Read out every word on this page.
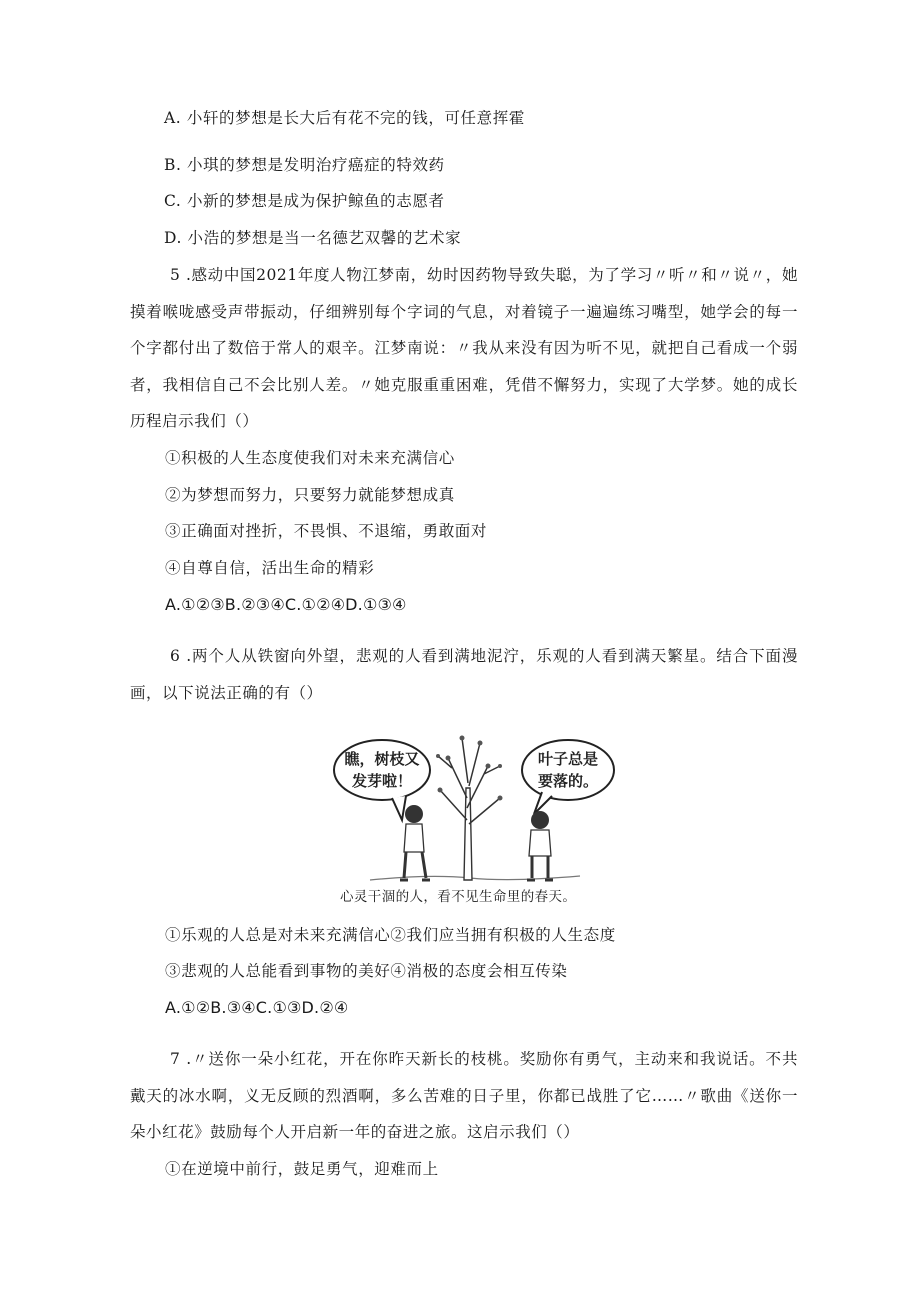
A. 小轩的梦想是长大后有花不完的钱，可任意挥霍
B. 小琪的梦想是发明治疗癌症的特效药
C. 小新的梦想是成为保护鲸鱼的志愿者
D. 小浩的梦想是当一名德艺双馨的艺术家
5 .感动中国2021年度人物江梦南，幼时因药物导致失聪，为了学习〃听〃和〃说〃，她摸着喉咙感受声带振动，仔细辨别每个字词的气息，对着镜子一遍遍练习嘴型，她学会的每一个字都付出了数倍于常人的艰辛。江梦南说：〃我从来没有因为听不见，就把自己看成一个弱者，我相信自己不会比别人差。〃她克服重重困难，凭借不懈努力，实现了大学梦。她的成长历程启示我们（）
①积极的人生态度使我们对未来充满信心
②为梦想而努力，只要努力就能梦想成真
③正确面对挫折，不畏惧、不退缩，勇敢面对
④自尊自信，活出生命的精彩
A.①②③B.②③④C.①②④D.①③④
6 .两个人从铁窗向外望，悲观的人看到满地泥泞，乐观的人看到满天繁星。结合下面漫画，以下说法正确的有（）
瞧，树枝又
发芽啦！
叶子总是
要落的。
心灵干涸的人，看不见生命里的春天。
①乐观的人总是对未来充满信心②我们应当拥有积极的人生态度
③悲观的人总能看到事物的美好④消极的态度会相互传染
A.①②B.③④C.①③D.②④
7 .〃送你一朵小红花，开在你昨天新长的枝桃。奖励你有勇气，主动来和我说话。不共戴天的冰水啊，义无反顾的烈酒啊，多么苦难的日子里，你都已战胜了它……〃歌曲《送你一朵小红花》鼓励每个人开启新一年的奋进之旅。这启示我们（）
①在逆境中前行，鼓足勇气，迎难而上
